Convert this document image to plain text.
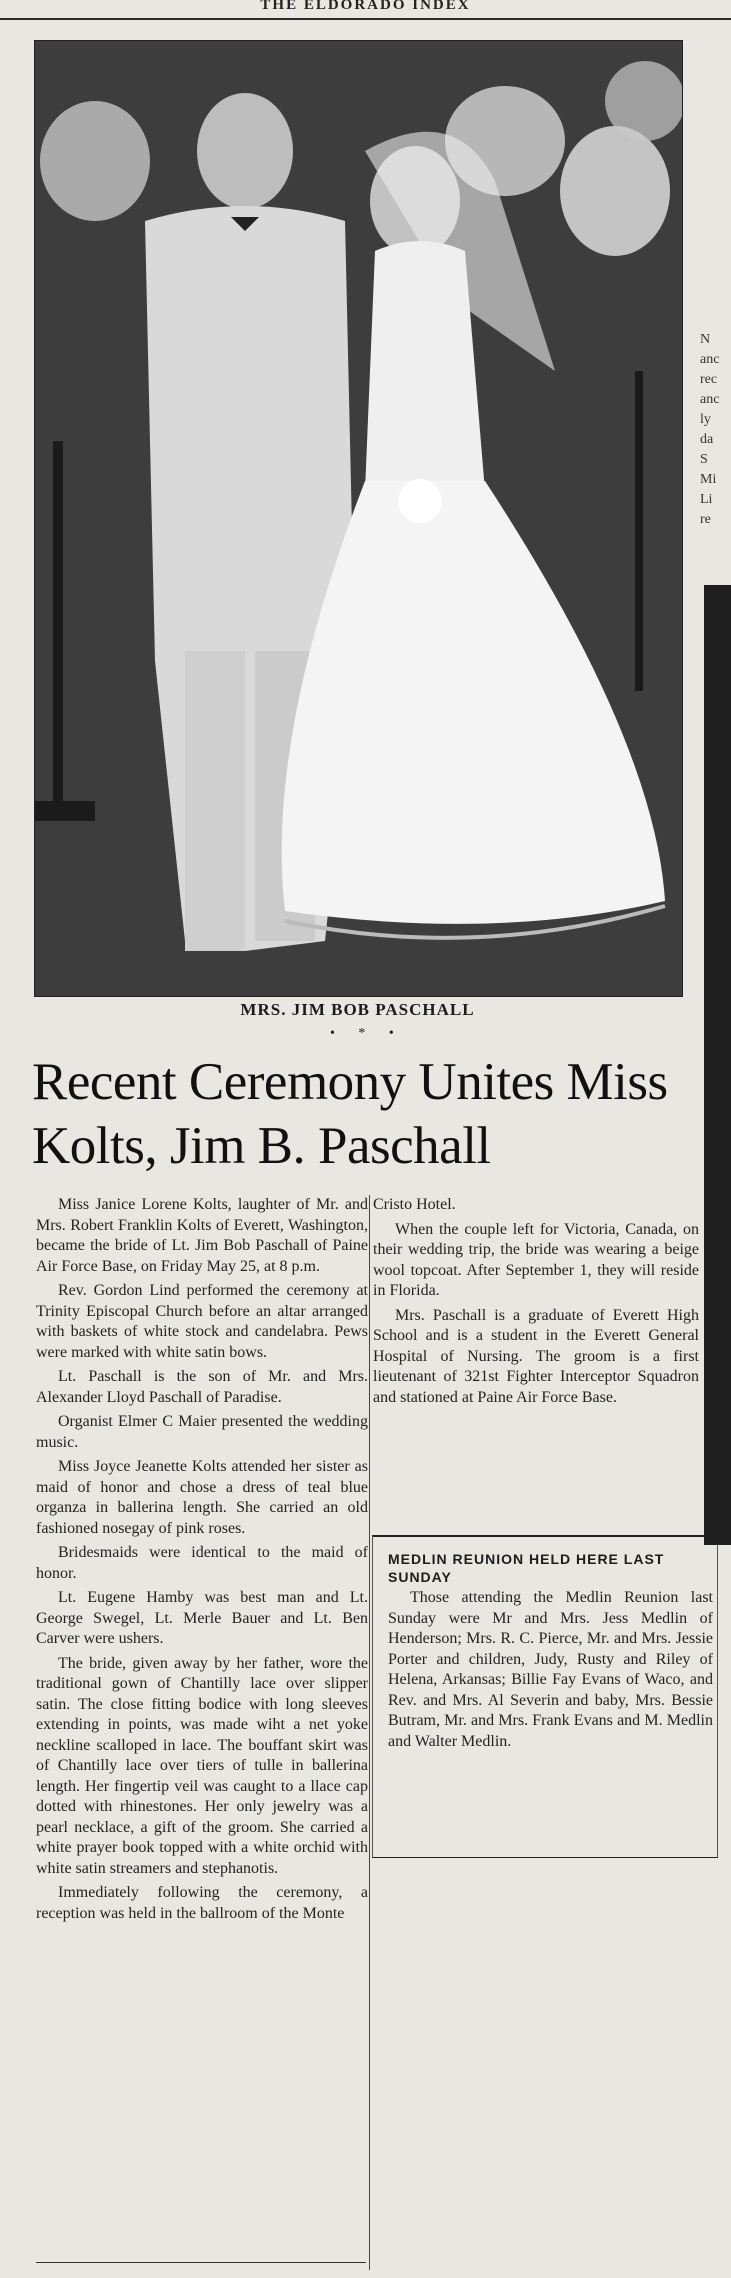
THE ELDORADO INDEX
MRS. JIM BOB PASCHALL
• * •
Recent Ceremony Unites Miss Kolts, Jim B. Paschall

Miss Janice Lorene Kolts, laughter of Mr. and Mrs. Robert Franklin Kolts of Everett, Washington, became the bride of Lt. Jim Bob Paschall of Paine Air Force Base, on Friday May 25, at 8 p.m.

Rev. Gordon Lind performed the ceremony at Trinity Episcopal Church before an altar arranged with baskets of white stock and candelabra. Pews were marked with white satin bows.

Lt. Paschall is the son of Mr. and Mrs. Alexander Lloyd Paschall of Paradise.

Organist Elmer C Maier presented the wedding music.

Miss Joyce Jeanette Kolts attended her sister as maid of honor and chose a dress of teal blue organza in ballerina length. She carried an old fashioned nosegay of pink roses.

Bridesmaids were identical to the maid of honor.

Lt. Eugene Hamby was best man and Lt. George Swegel, Lt. Merle Bauer and Lt. Ben Carver were ushers.

The bride, given away by her father, wore the traditional gown of Chantilly lace over slipper satin. The close fitting bodice with long sleeves extending in points, was made wiht a net yoke neckline scalloped in lace. The bouffant skirt was of Chantilly lace over tiers of tulle in ballerina length. Her fingertip veil was caught to a llace cap dotted with rhinestones. Her only jewelry was a pearl necklace, a gift of the groom. She carried a white prayer book topped with a white orchid with white satin streamers and stephanotis.

Immediately following the ceremony, a reception was held in the ballroom of the Monte

Cristo Hotel.

When the couple left for Victoria, Canada, on their wedding trip, the bride was wearing a beige wool topcoat. After September 1, they will reside in Florida.

Mrs. Paschall is a graduate of Everett High School and is a student in the Everett General Hospital of Nursing. The groom is a first lieutenant of 321st Fighter Interceptor Squadron and stationed at Paine Air Force Base.

MEDLIN REUNION HELD HERE LAST SUNDAY

Those attending the Medlin Reunion last Sunday were Mr and Mrs. Jess Medlin of Henderson; Mrs. R. C. Pierce, Mr. and Mrs. Jessie Porter and children, Judy, Rusty and Riley of Helena, Arkansas; Billie Fay Evans of Waco, and Rev. and Mrs. Al Severin and baby, Mrs. Bessie Butram, Mr. and Mrs. Frank Evans and M. Medlin and Walter Medlin.

N
anc
rec
anc
ly
da
S
Mi
Li
re
